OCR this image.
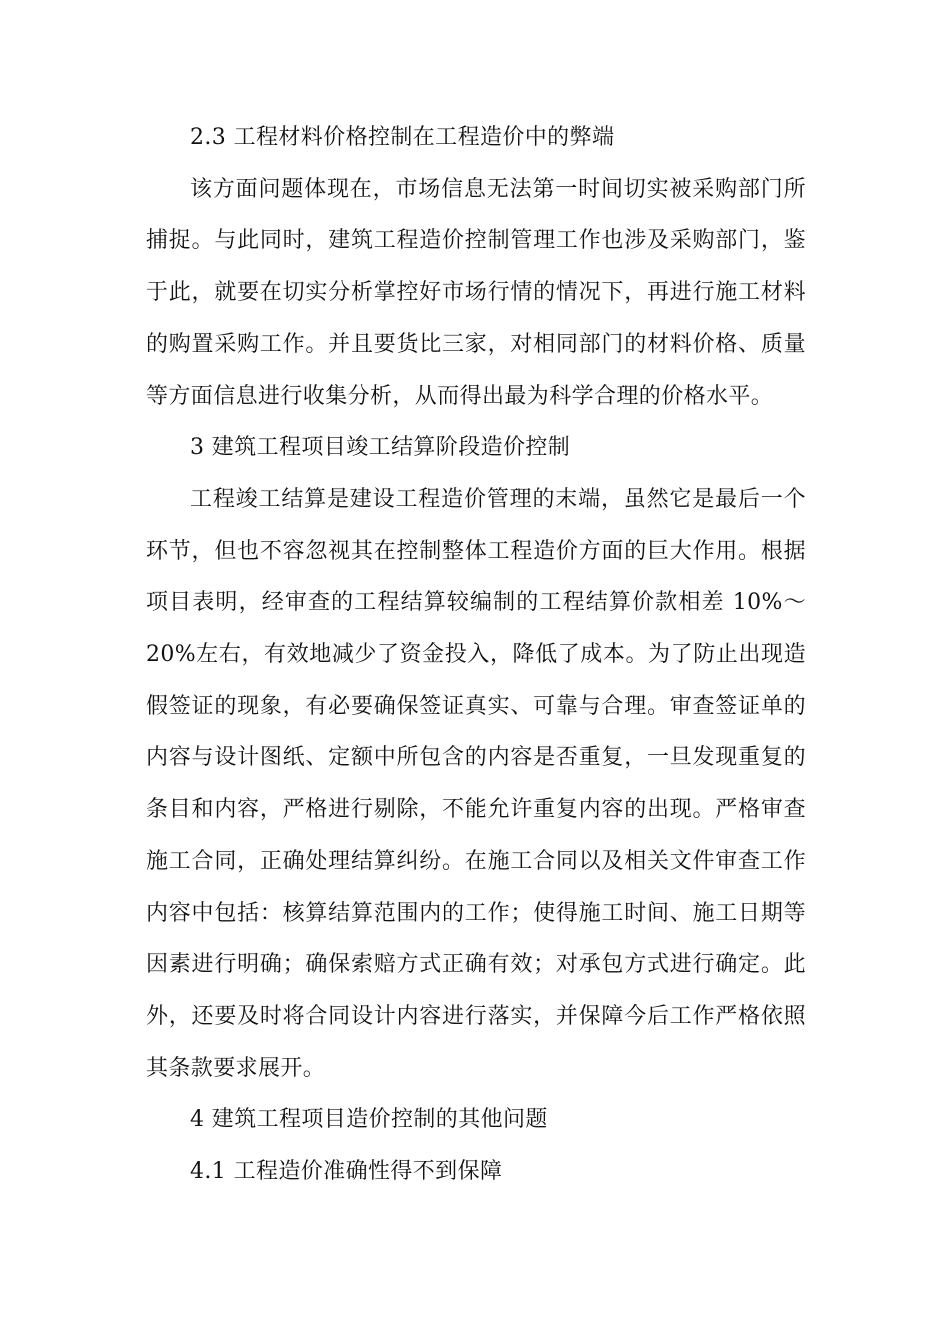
2.3 工程材料价格控制在工程造价中的弊端

该方面问题体现在，市场信息无法第一时间切实被采购部门所
捕捉。与此同时，建筑工程造价控制管理工作也涉及采购部门，鉴
于此，就要在切实分析掌控好市场行情的情况下，再进行施工材料
的购置采购工作。并且要货比三家，对相同部门的材料价格、质量
等方面信息进行收集分析，从而得出最为科学合理的价格水平。

3 建筑工程项目竣工结算阶段造价控制

工程竣工结算是建设工程造价管理的末端，虽然它是最后一个
环节，但也不容忽视其在控制整体工程造价方面的巨大作用。根据
项目表明，经审查的工程结算较编制的工程结算价款相差 10%～
20%左右，有效地减少了资金投入，降低了成本。为了防止出现造
假签证的现象，有必要确保签证真实、可靠与合理。审查签证单的
内容与设计图纸、定额中所包含的内容是否重复，一旦发现重复的
条目和内容，严格进行剔除，不能允许重复内容的出现。严格审查
施工合同，正确处理结算纠纷。在施工合同以及相关文件审查工作
内容中包括：核算结算范围内的工作；使得施工时间、施工日期等
因素进行明确；确保索赔方式正确有效；对承包方式进行确定。此
外，还要及时将合同设计内容进行落实，并保障今后工作严格依照
其条款要求展开。

4 建筑工程项目造价控制的其他问题

4.1 工程造价准确性得不到保障
